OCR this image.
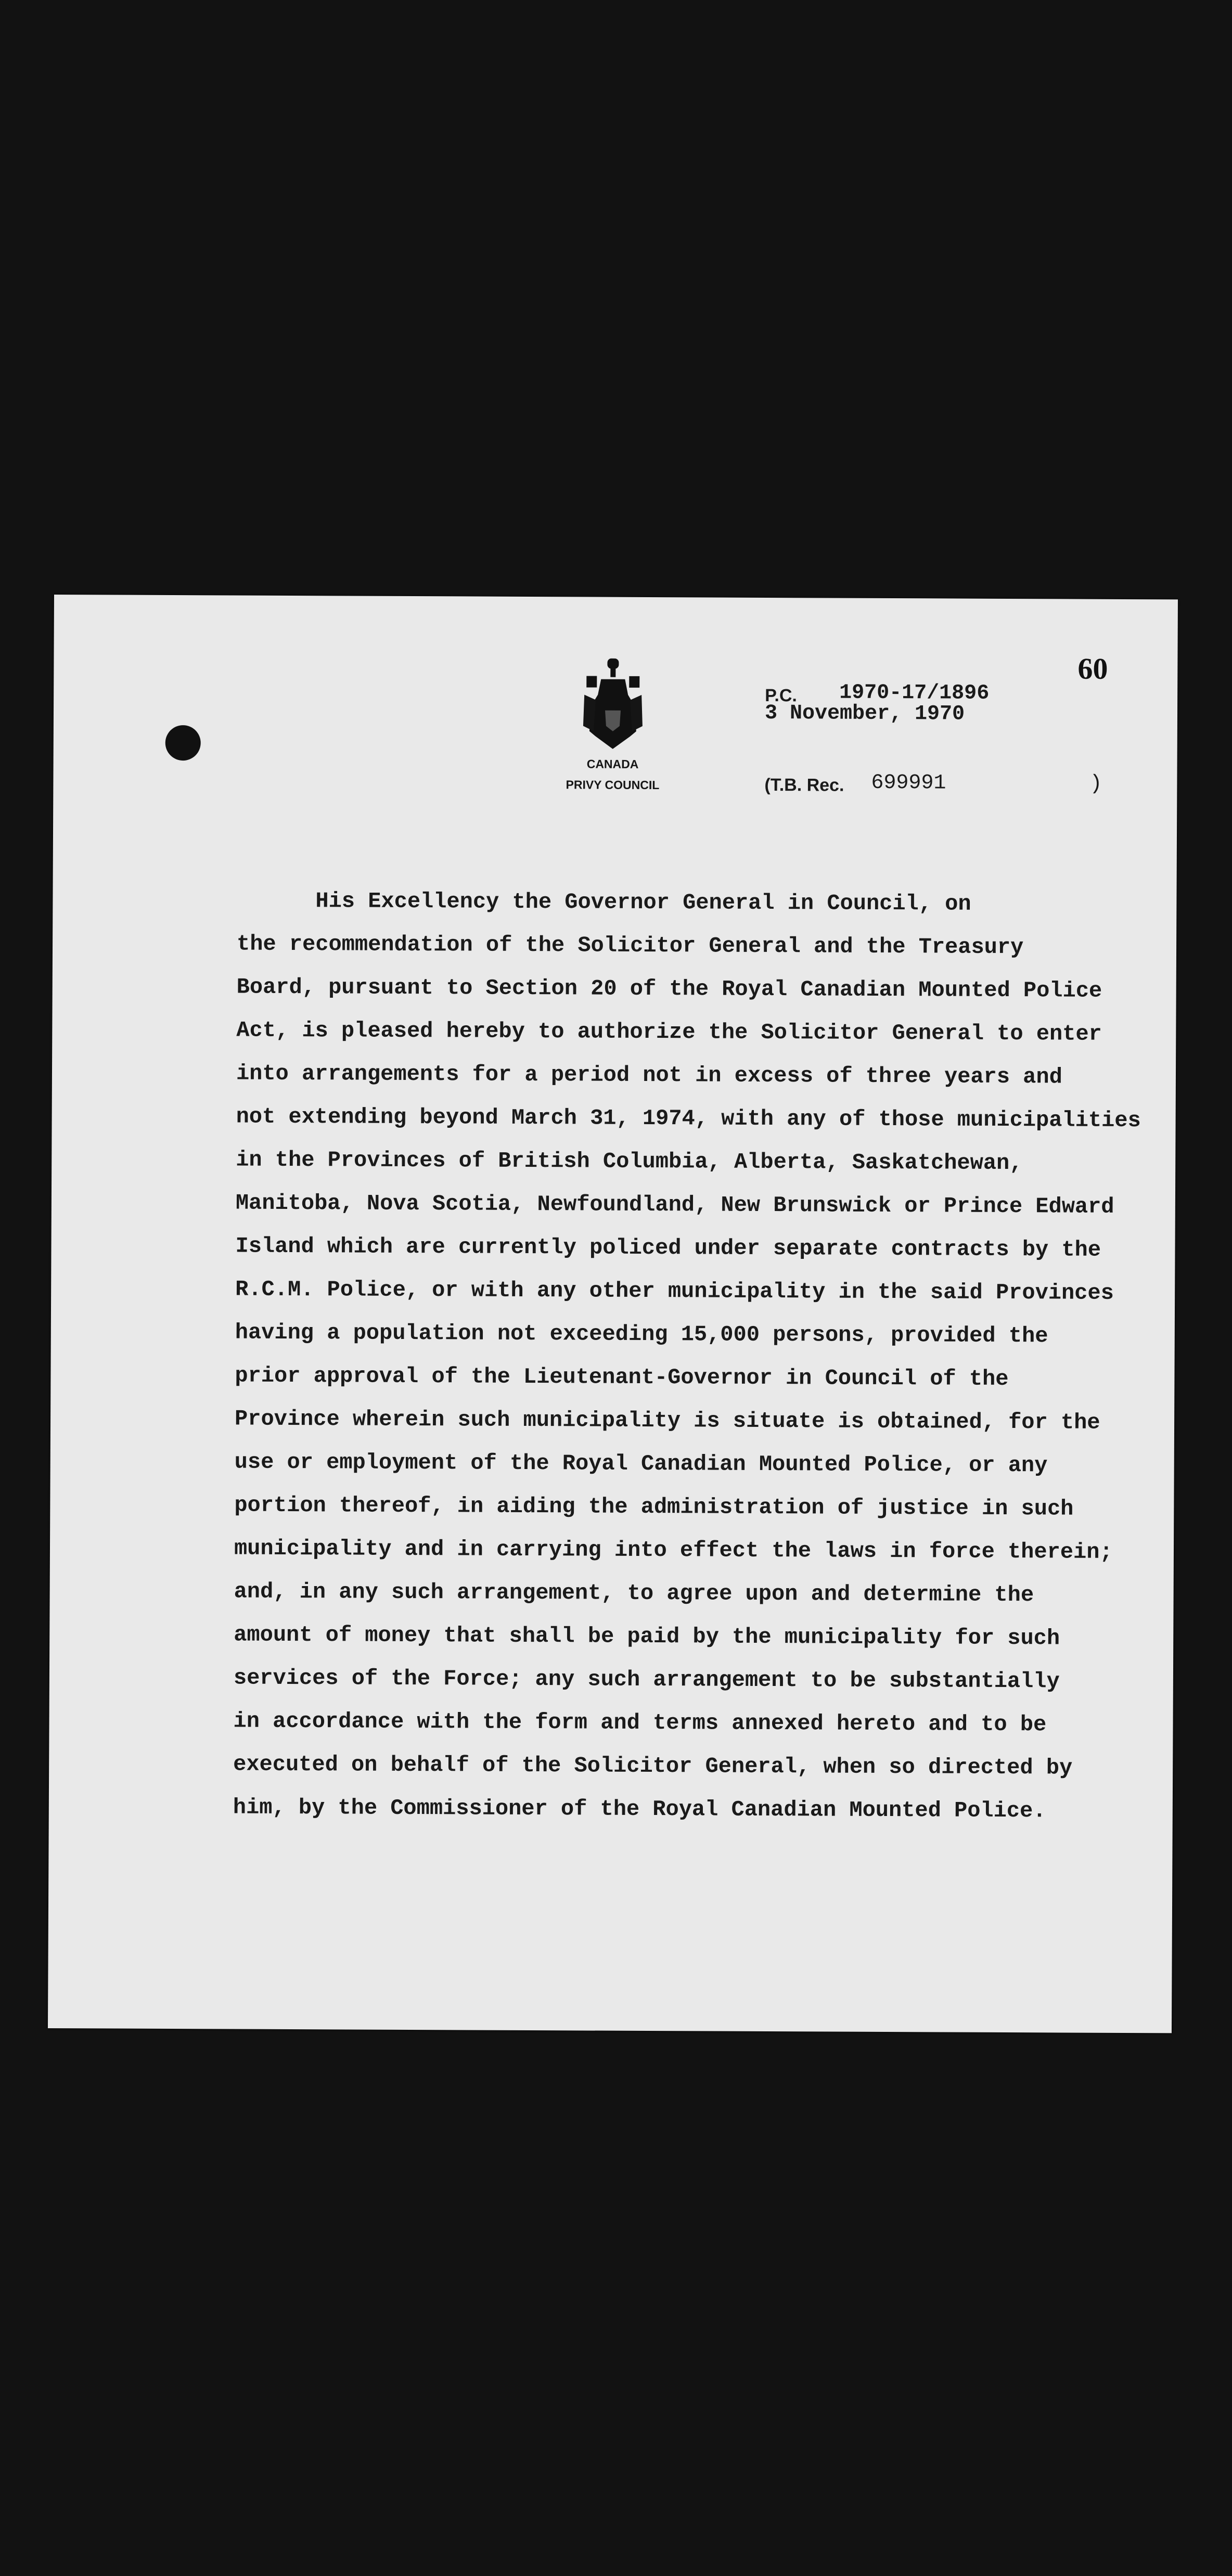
CANADA
PRIVY COUNCIL
P.C. 1970-17/1896
3 November, 1970
(T.B. Rec. 699991	)
60
His Excellency the Governor General in Council, on
the recommendation of the Solicitor General and the Treasury
Board, pursuant to Section 20 of the Royal Canadian Mounted Police
Act, is pleased hereby to authorize the Solicitor General to enter
into arrangements for a period not in excess of three years and
not extending beyond March 31, 1974, with any of those municipalities
in the Provinces of British Columbia, Alberta, Saskatchewan,
Manitoba, Nova Scotia, Newfoundland, New Brunswick or Prince Edward
Island which are currently policed under separate contracts by the
R.C.M. Police, or with any other municipality in the said Provinces
having a population not exceeding 15,000 persons, provided the
prior approval of the Lieutenant-Governor in Council of the
Province wherein such municipality is situate is obtained, for the
use or employment of the Royal Canadian Mounted Police, or any
portion thereof, in aiding the administration of justice in such
municipality and in carrying into effect the laws in force therein;
and, in any such arrangement, to agree upon and determine the
amount of money that shall be paid by the municipality for such
services of the Force; any such arrangement to be substantially
in accordance with the form and terms annexed hereto and to be
executed on behalf of the Solicitor General, when so directed by
him, by the Commissioner of the Royal Canadian Mounted Police.
